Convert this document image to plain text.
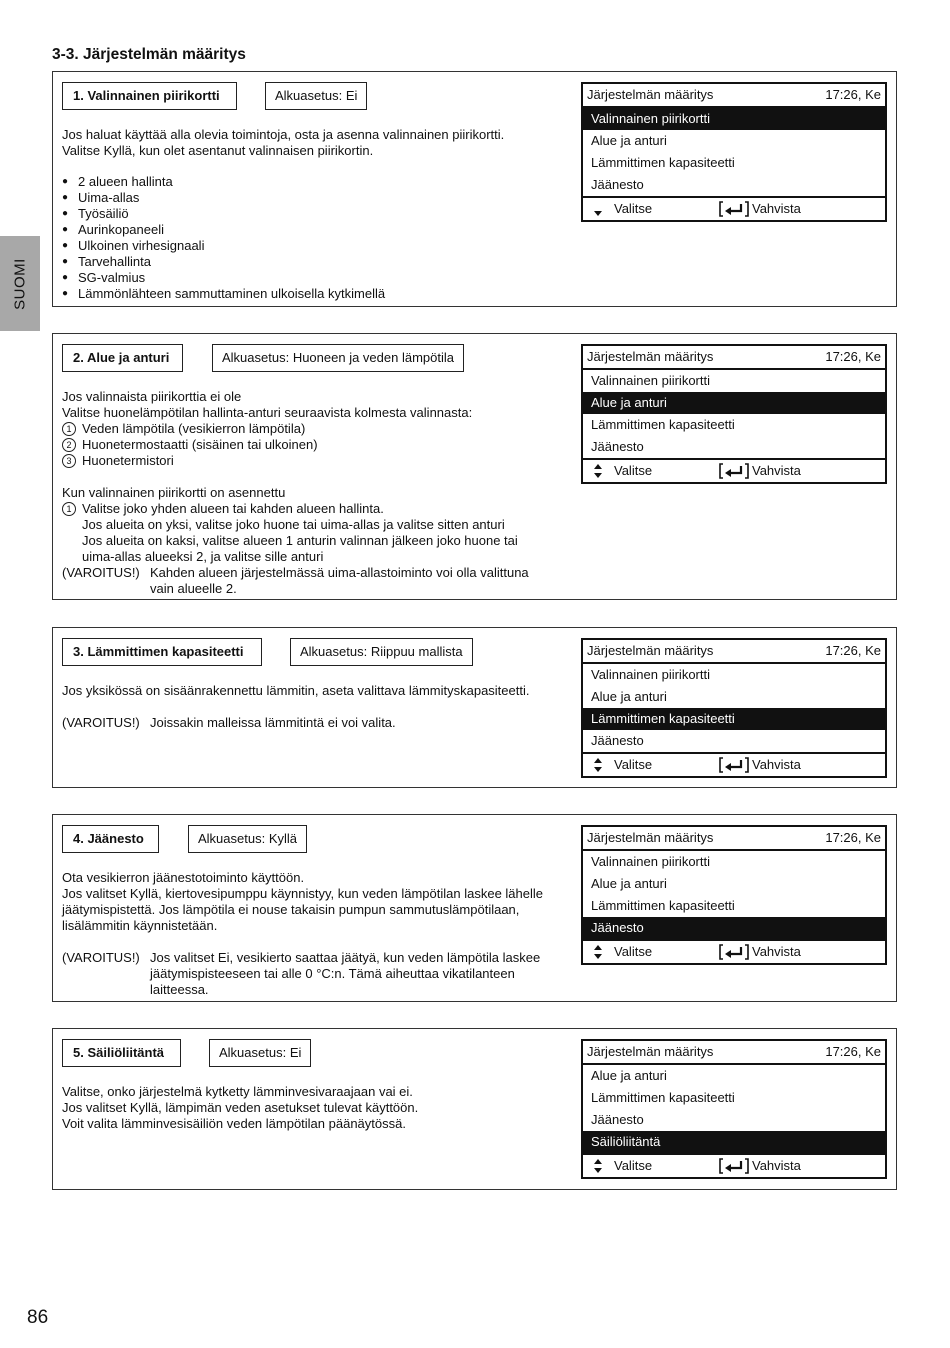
3-3. Järjestelmän määritys
SUOMI
86
1. Valinnainen piirikortti	Alkuasetus: Ei

Jos haluat käyttää alla olevia toimintoja, osta ja asenna valinnainen piirikortti.

Valitse Kyllä, kun olet asentanut valinnaisen piirikortin.

● 2 alueen hallinta
● Uima-allas
● Työsäiliö
● Aurinkopaneeli
● Ulkoinen virhesignaali
● Tarvehallinta
● SG-valmius
● Lämmönlähteen sammuttaminen ulkoisella kytkimellä
Järjestelmän määritys	17:26, Ke
Valinnainen piirikortti
Alue ja anturi
Lämmittimen kapasiteetti
Jäänesto
Valitse	Vahvista
2. Alue ja anturi	Alkuasetus: Huoneen ja veden lämpötila

Jos valinnaista piirikorttia ei ole

Valitse huonelämpötilan hallinta-anturi seuraavista kolmesta valinnasta:

1 Veden lämpötila (vesikierron lämpötila)
2 Huonetermostaatti (sisäinen tai ulkoinen)
3 Huonetermistori

Kun valinnainen piirikortti on asennettu

1 Valitse joko yhden alueen tai kahden alueen hallinta.

Jos alueita on yksi, valitse joko huone tai uima-allas ja valitse sitten anturi

Jos alueita on kaksi, valitse alueen 1 anturin valinnan jälkeen joko huone tai

uima-allas alueeksi 2, ja valitse sille anturi

(VAROITUS!) Kahden alueen järjestelmässä uima-allastoiminto voi olla valittuna

vain alueelle 2.

Järjestelmän määritys	17:26, Ke
Valinnainen piirikortti
Alue ja anturi
Lämmittimen kapasiteetti
Jäänesto
Valitse	Vahvista
3. Lämmittimen kapasiteetti	Alkuasetus: Riippuu mallista

Jos yksikössä on sisäänrakennettu lämmitin, aseta valittava lämmityskapasiteetti.

(VAROITUS!) Joissakin malleissa lämmitintä ei voi valita.

Järjestelmän määritys	17:26, Ke
Valinnainen piirikortti
Alue ja anturi
Lämmittimen kapasiteetti
Jäänesto
Valitse	Vahvista
4. Jäänesto	Alkuasetus: Kyllä

Ota vesikierron jäänestotoiminto käyttöön.

Jos valitset Kyllä, kiertovesipumppu käynnistyy, kun veden lämpötilan laskee lähelle

jäätymispistettä. Jos lämpötila ei nouse takaisin pumpun sammutuslämpötilaan,

lisälämmitin käynnistetään.

(VAROITUS!) Jos valitset Ei, vesikierto saattaa jäätyä, kun veden lämpötila laskee

jäätymispisteeseen tai alle 0 °C:n. Tämä aiheuttaa vikatilanteen

laitteessa.

Järjestelmän määritys	17:26, Ke
Valinnainen piirikortti
Alue ja anturi
Lämmittimen kapasiteetti
Jäänesto
Valitse	Vahvista
5. Säiliöliitäntä	Alkuasetus: Ei

Valitse, onko järjestelmä kytketty lämminvesivaraajaan vai ei.

Jos valitset Kyllä, lämpimän veden asetukset tulevat käyttöön.

Voit valita lämminvesisäiliön veden lämpötilan päänäytössä.

Järjestelmän määritys	17:26, Ke
Alue ja anturi
Lämmittimen kapasiteetti
Jäänesto
Säiliöliitäntä
Valitse	Vahvista
